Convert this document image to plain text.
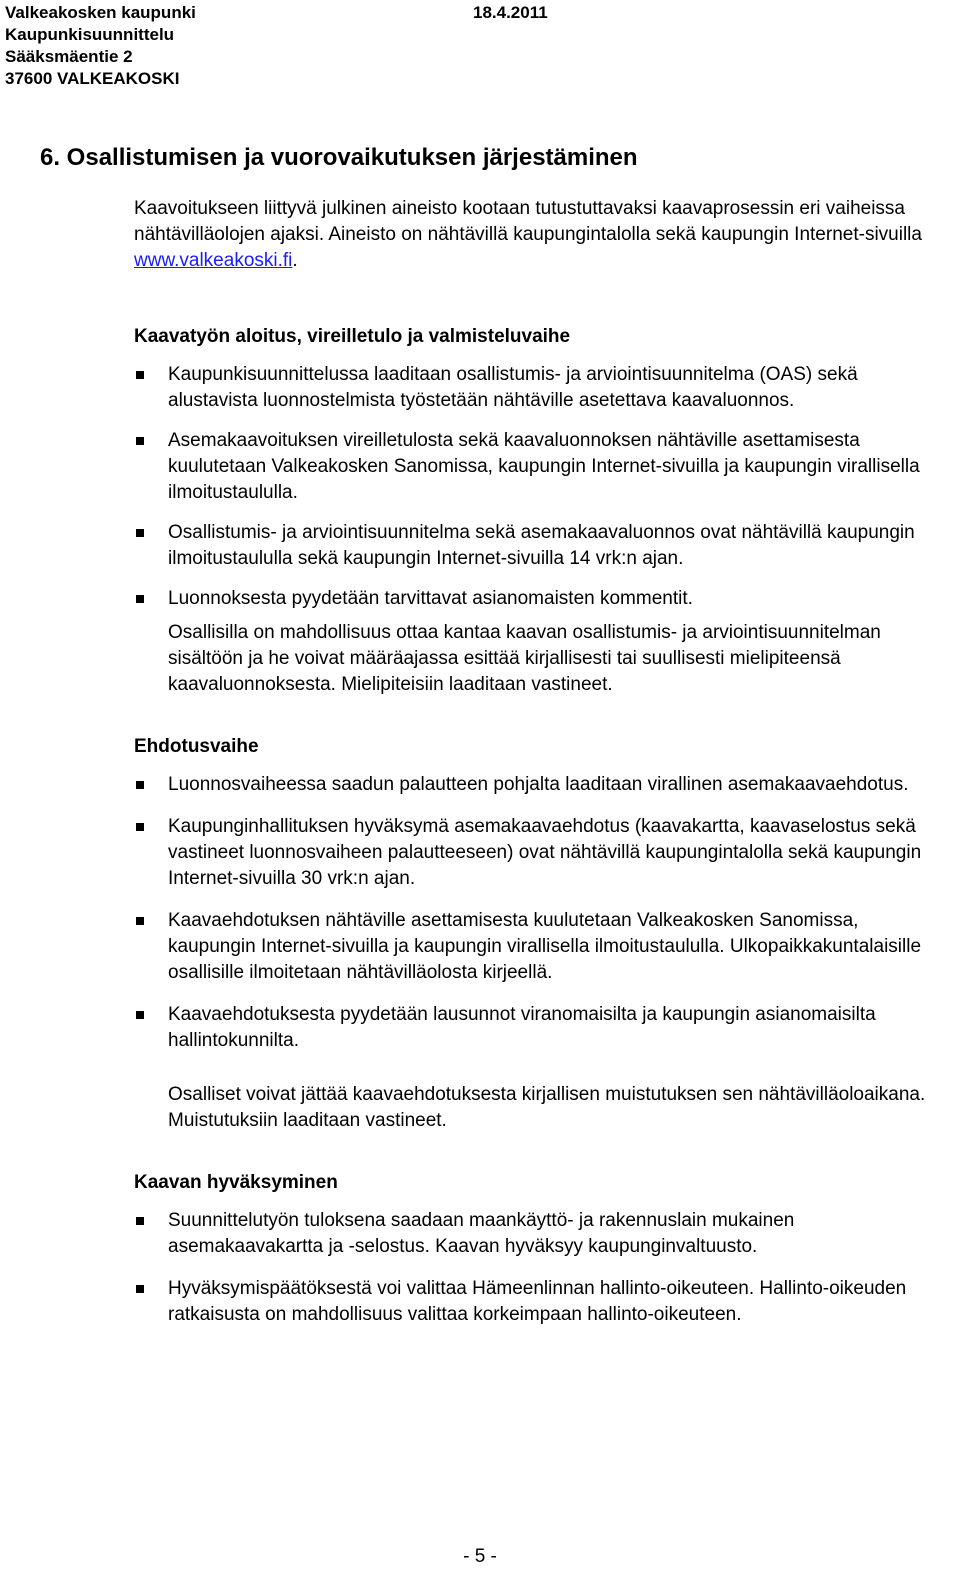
Valkeakosken kaupunki	18.4.2011
Kaupunkisuunnittelu
Sääksmäentie 2
37600 VALKEAKOSKI
6. Osallistumisen ja vuorovaikutuksen järjestäminen

Kaavoitukseen liittyvä julkinen aineisto kootaan tutustuttavaksi kaavaprosessin eri vaiheissa nähtävilläolojen ajaksi. Aineisto on nähtävillä kaupungintalolla sekä kaupungin Internet-sivuilla www.valkeakoski.fi.

Kaavatyön aloitus, vireilletulo ja valmisteluvaihe
Kaupunkisuunnittelussa laaditaan osallistumis- ja arviointisuunnitelma (OAS) sekä alustavista luonnostelmista työstetään nähtäville asetettava kaavaluonnos.
Asemakaavoituksen vireilletulosta sekä kaavaluonnoksen nähtäville asettamisesta kuulutetaan Valkeakosken Sanomissa, kaupungin Internet-sivuilla ja kaupungin virallisella ilmoitustaululla.
Osallistumis- ja arviointisuunnitelma sekä asemakaavaluonnos ovat nähtävillä kaupungin ilmoitustaululla sekä kaupungin Internet-sivuilla 14 vrk:n ajan.
Luonnoksesta pyydetään tarvittavat asianomaisten kommentit.

Osallisilla on mahdollisuus ottaa kantaa kaavan osallistumis- ja arviointisuunnitelman sisältöön ja he voivat määräajassa esittää kirjallisesti tai suullisesti mielipiteensä kaavaluonnoksesta. Mielipiteisiin laaditaan vastineet.

Ehdotusvaihe
Luonnosvaiheessa saadun palautteen pohjalta laaditaan virallinen asemakaavaehdotus.
Kaupunginhallituksen hyväksymä asemakaavaehdotus (kaavakartta, kaavaselostus sekä vastineet luonnosvaiheen palautteeseen) ovat nähtävillä kaupungintalolla sekä kaupungin Internet-sivuilla 30 vrk:n ajan.
Kaavaehdotuksen nähtäville asettamisesta kuulutetaan Valkeakosken Sanomissa, kaupungin Internet-sivuilla ja kaupungin virallisella ilmoitustaululla. Ulkopaikkakuntalaisille osallisille ilmoitetaan nähtävilläolosta kirjeellä.
Kaavaehdotuksesta pyydetään lausunnot viranomaisilta ja kaupungin asianomaisilta hallintokunnilta.

Osalliset voivat jättää kaavaehdotuksesta kirjallisen muistutuksen sen nähtävilläoloaikana. Muistutuksiin laaditaan vastineet.

Kaavan hyväksyminen
Suunnittelutyön tuloksena saadaan maankäyttö- ja rakennuslain mukainen asemakaavakartta ja -selostus. Kaavan hyväksyy kaupunginvaltuusto.
Hyväksymispäätöksestä voi valittaa Hämeenlinnan hallinto-oikeuteen. Hallinto-oikeuden ratkaisusta on mahdollisuus valittaa korkeimpaan hallinto-oikeuteen.
- 5 -
